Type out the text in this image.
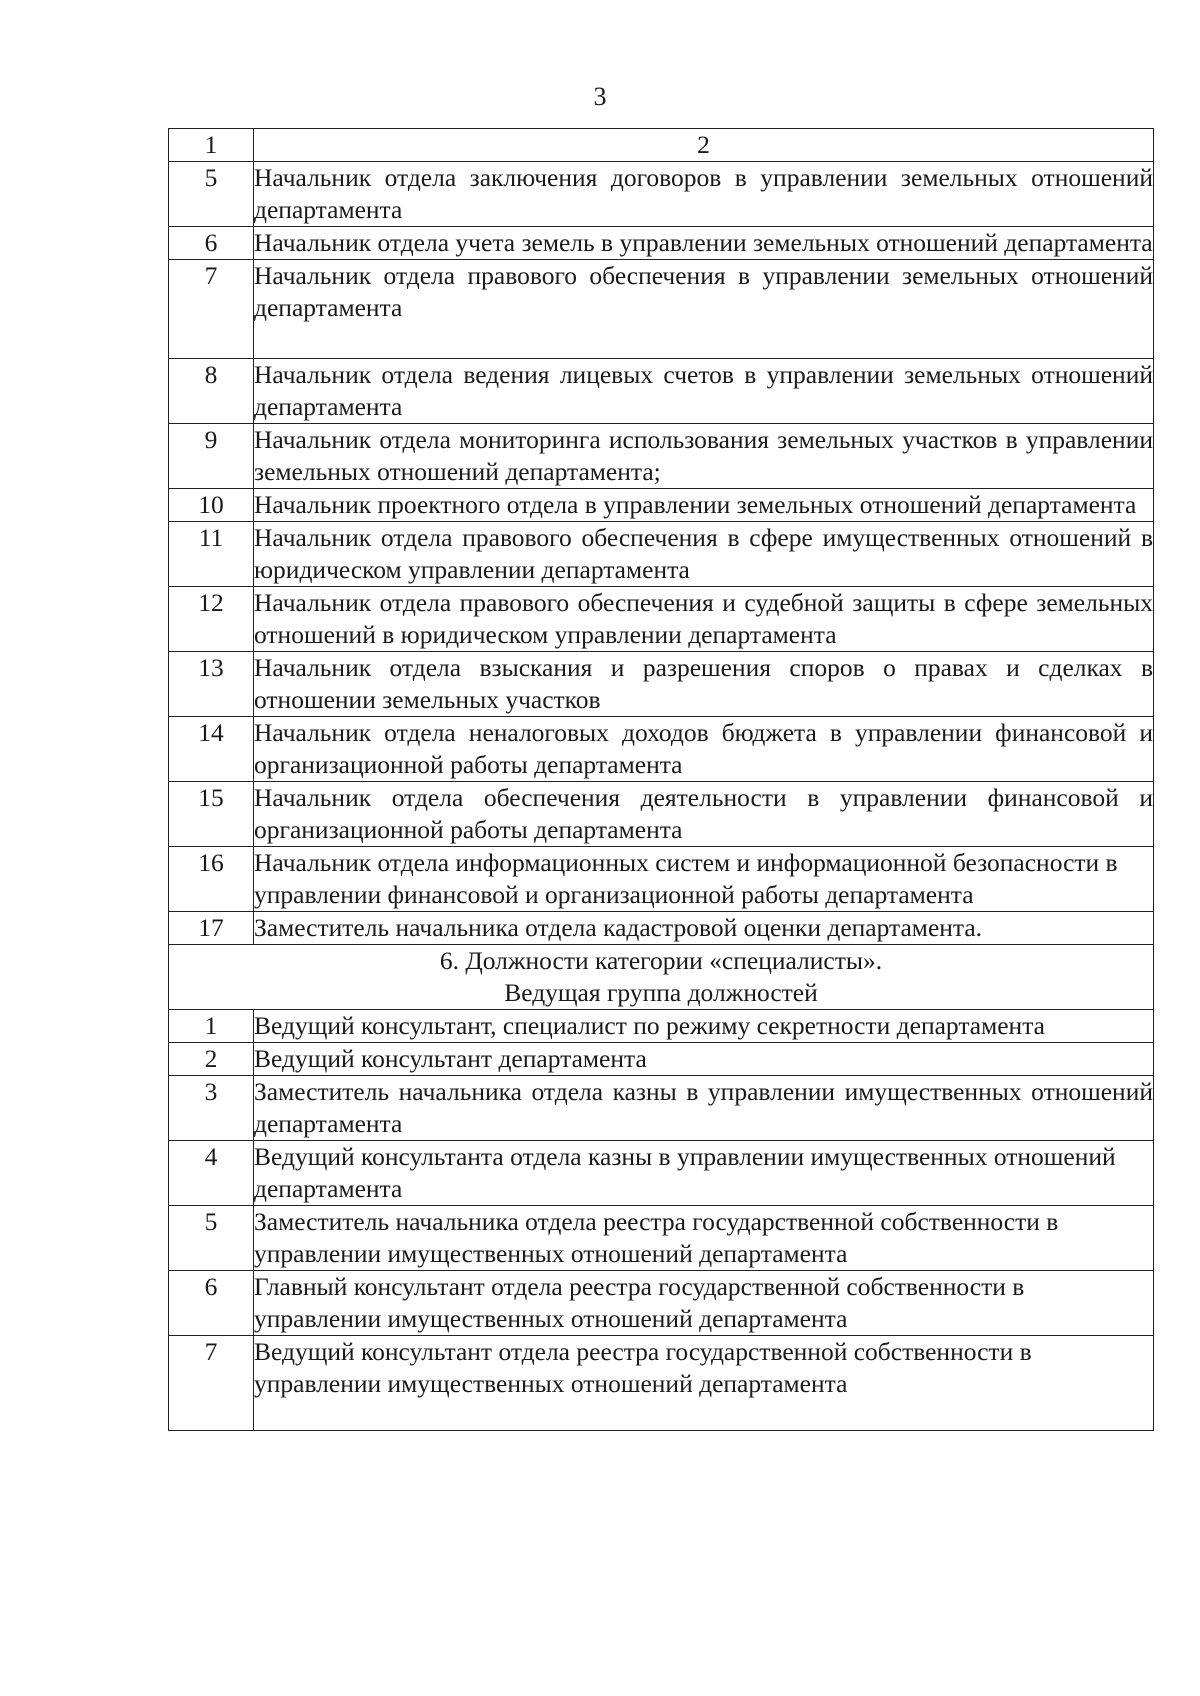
3
1	2
5	Начальник отдела заключения договоров в управлении земельных отношений департамента
6	Начальник отдела учета земель в управлении земельных отношений департамента
7	Начальник отдела правового обеспечения в управлении земельных отношений департамента
8	Начальник отдела ведения лицевых счетов в управлении земельных отношений департамента
9	Начальник отдела мониторинга использования земельных участков в управлении земельных отношений департамента;
10	Начальник проектного отдела в управлении земельных отношений департамента
11	Начальник отдела правового обеспечения в сфере имущественных отношений в юридическом управлении департамента
12	Начальник отдела правового обеспечения и судебной защиты в сфере земельных отношений в юридическом управлении департамента
13	Начальник отдела взыскания и разрешения споров о правах и сделках в отношении земельных участков
14	Начальник отдела неналоговых доходов бюджета в управлении финансовой и организационной работы департамента
15	Начальник отдела обеспечения деятельности в управлении финансовой и организационной работы департамента
16	Начальник отдела информационных систем и информационной безопасности в управлении финансовой и организационной работы департамента
17	Заместитель начальника отдела кадастровой оценки департамента.

6. Должности категории «специалисты».
Ведущая группа должностей	

1	Ведущий консультант, специалист по режиму секретности департамента
2	Ведущий консультант департамента
3	Заместитель начальника отдела казны в управлении имущественных отношений департамента
4	Ведущий консультанта отдела казны в управлении имущественных отношений департамента
5	Заместитель начальника отдела реестра государственной собственности в управлении имущественных отношений департамента
6	Главный консультант отдела реестра государственной собственности в управлении имущественных отношений департамента
7	Ведущий консультант отдела реестра государственной собственности в управлении имущественных отношений департамента
